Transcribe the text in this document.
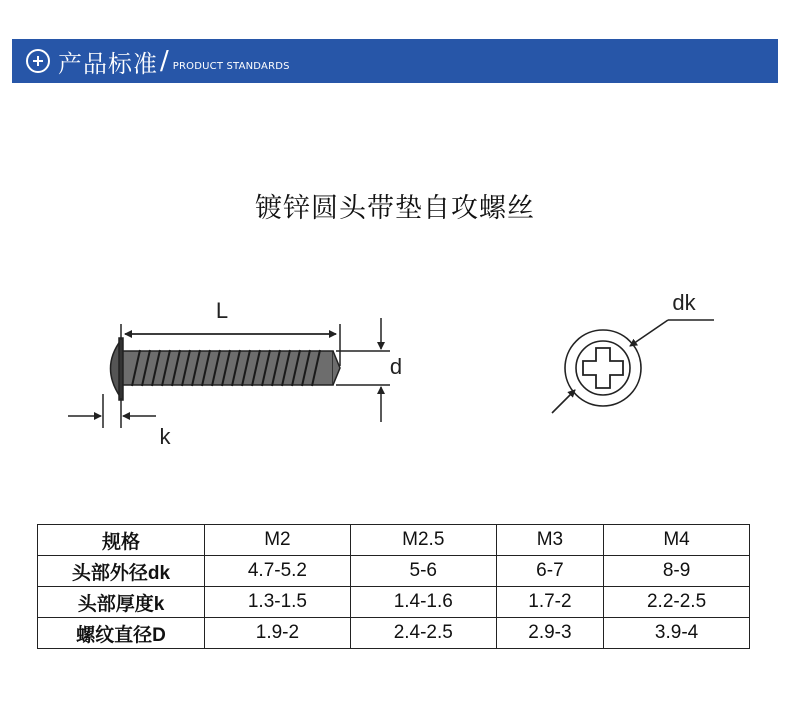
产品标准 / PRODUCT STANDARDS
镀锌圆头带垫自攻螺丝
L
d
k
dk
规格	M2	M2.5	M3	M4
头部外径dk	4.7-5.2	5-6	6-7	8-9
头部厚度k	1.3-1.5	1.4-1.6	1.7-2	2.2-2.5
螺纹直径D	1.9-2	2.4-2.5	2.9-3	3.9-4
